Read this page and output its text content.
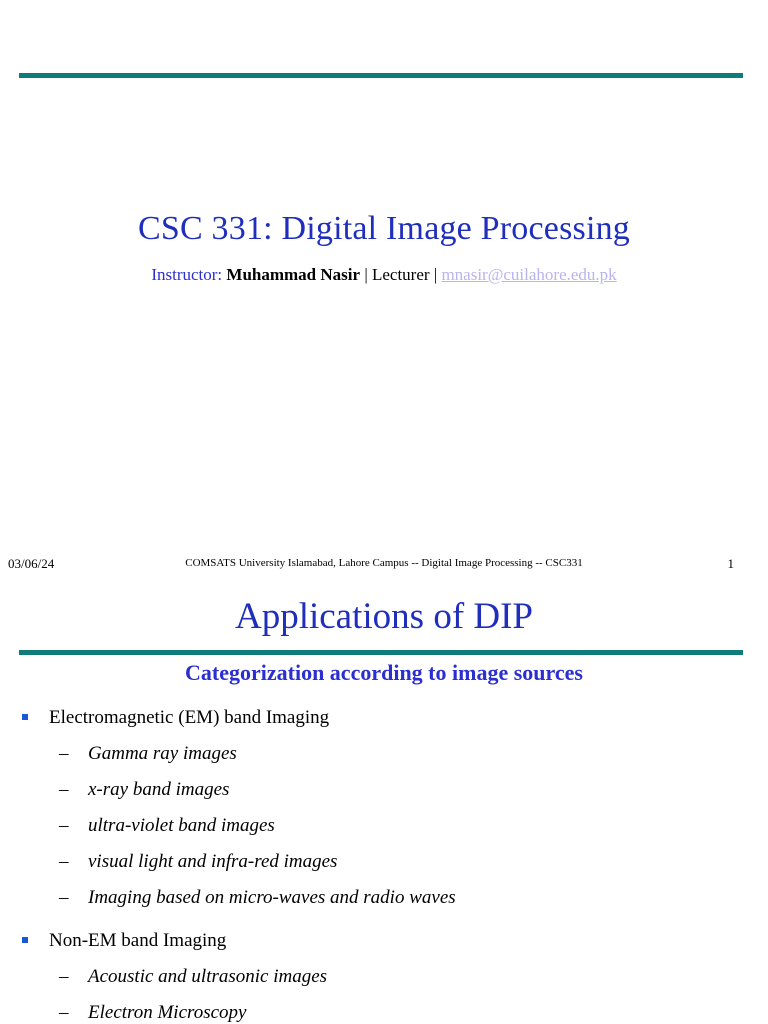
CSC 331: Digital Image Processing
Instructor: Muhammad Nasir | Lecturer | mnasir@cuilahore.edu.pk
03/06/24	COMSATS University Islamabad, Lahore Campus -- Digital Image Processing -- CSC331	1
Applications of DIP
Categorization according to image sources
Electromagnetic (EM) band Imaging
– Gamma ray images
– x-ray band images
– ultra-violet band images
– visual light and infra-red images
– Imaging based on micro-waves and radio waves
Non-EM band Imaging
– Acoustic and ultrasonic images
– Electron Microscopy
